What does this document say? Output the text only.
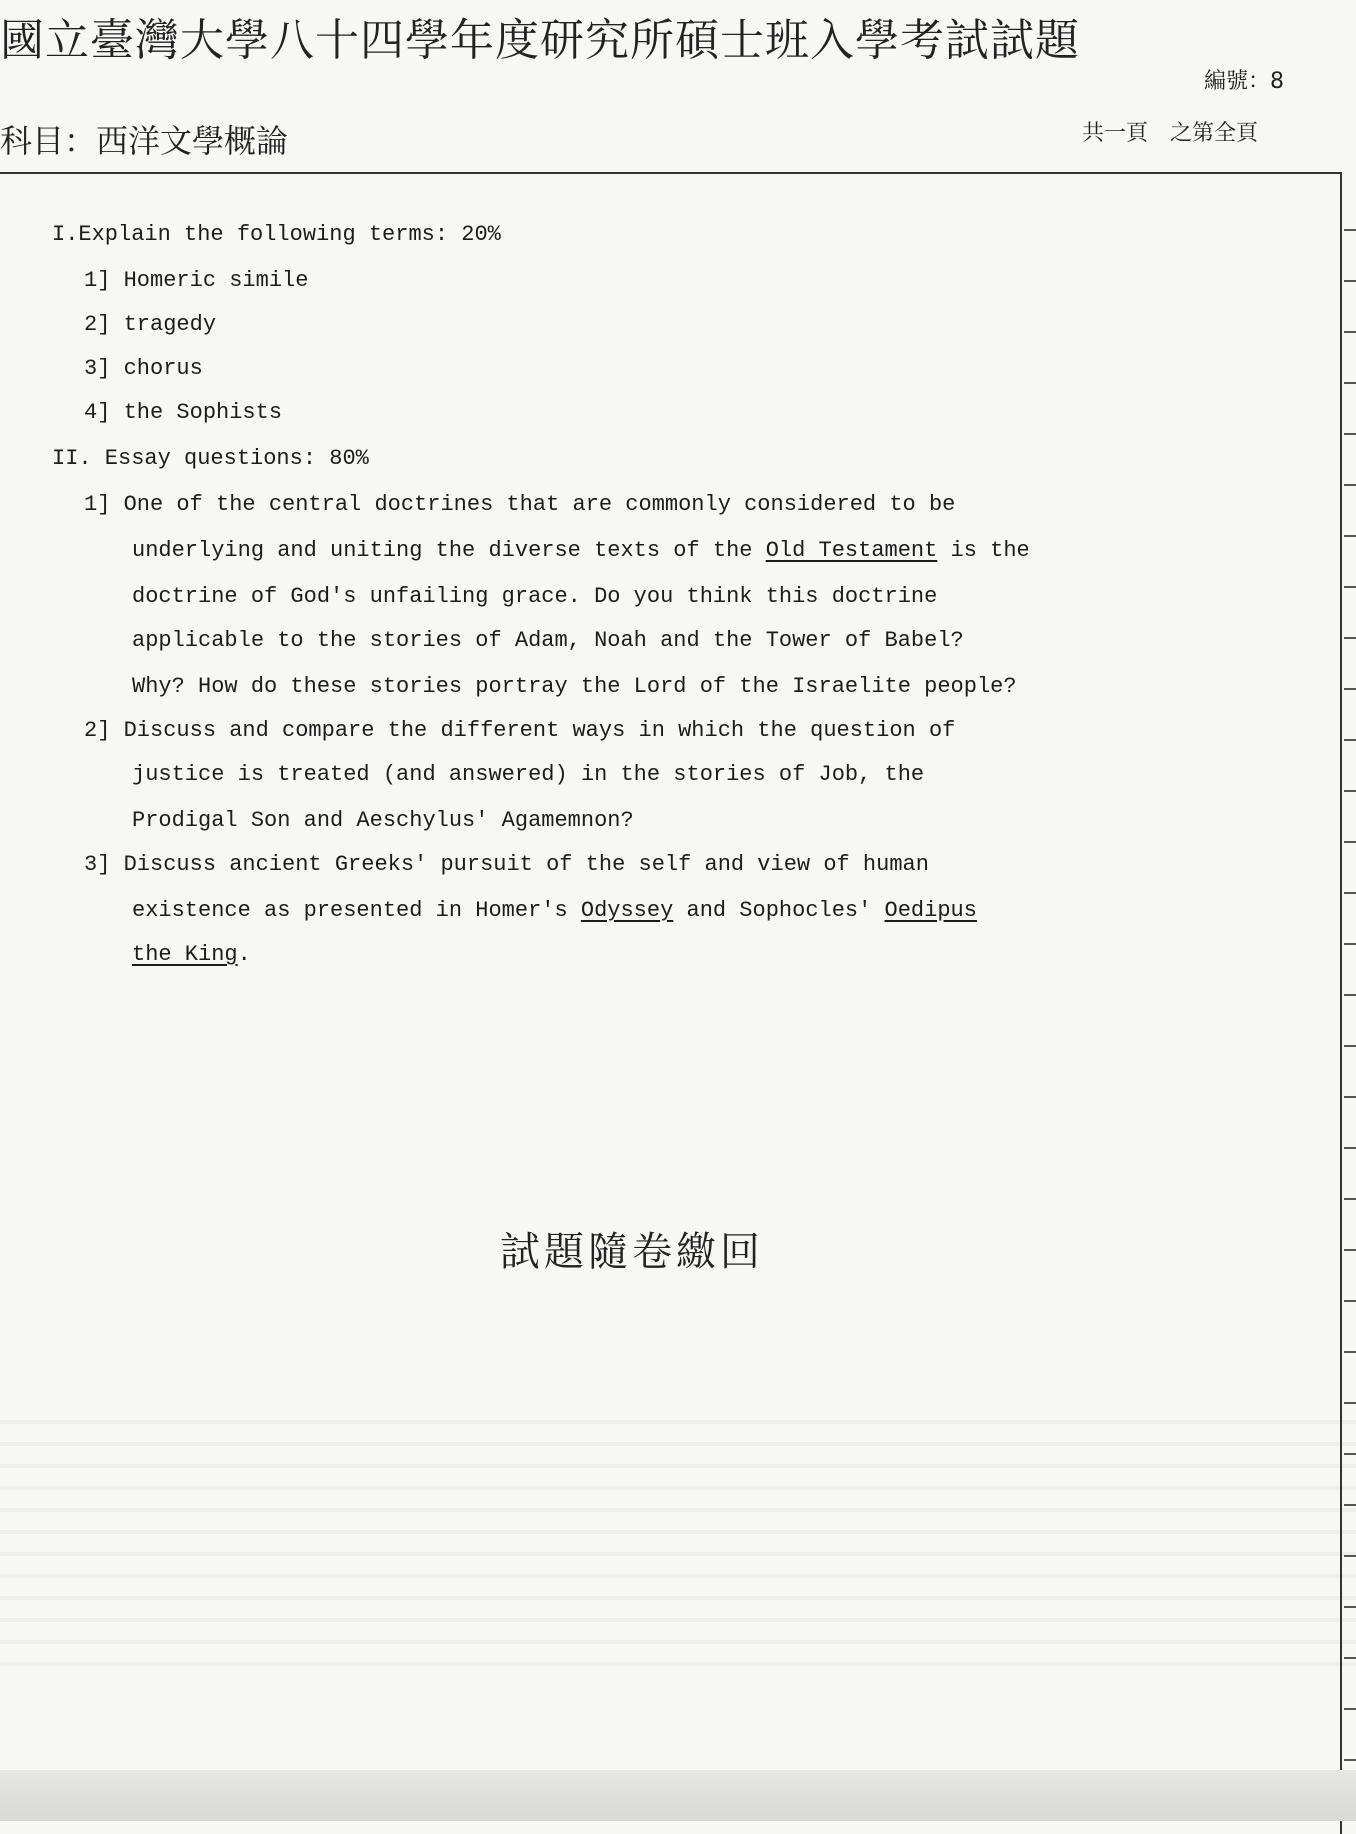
國立臺灣大學八十四學年度研究所碩士班入學考試試題
編號：8
科目：西洋文學概論	共一頁　之第全頁
I.Explain the following terms: 20%
1] Homeric simile
2] tragedy
3] chorus
4] the Sophists
II. Essay questions: 80%
1] One of the central doctrines that are commonly considered to be
underlying and uniting the diverse texts of the Old Testament is the
doctrine of God's unfailing grace. Do you think this doctrine
applicable to the stories of Adam, Noah and the Tower of Babel?
Why? How do these stories portray the Lord of the Israelite people?
2] Discuss and compare the different ways in which the question of
justice is treated (and answered) in the stories of Job, the
Prodigal Son and Aeschylus' Agamemnon?
3] Discuss ancient Greeks' pursuit of the self and view of human
existence as presented in Homer's Odyssey and Sophocles' Oedipus
the King.
試題隨卷繳回
